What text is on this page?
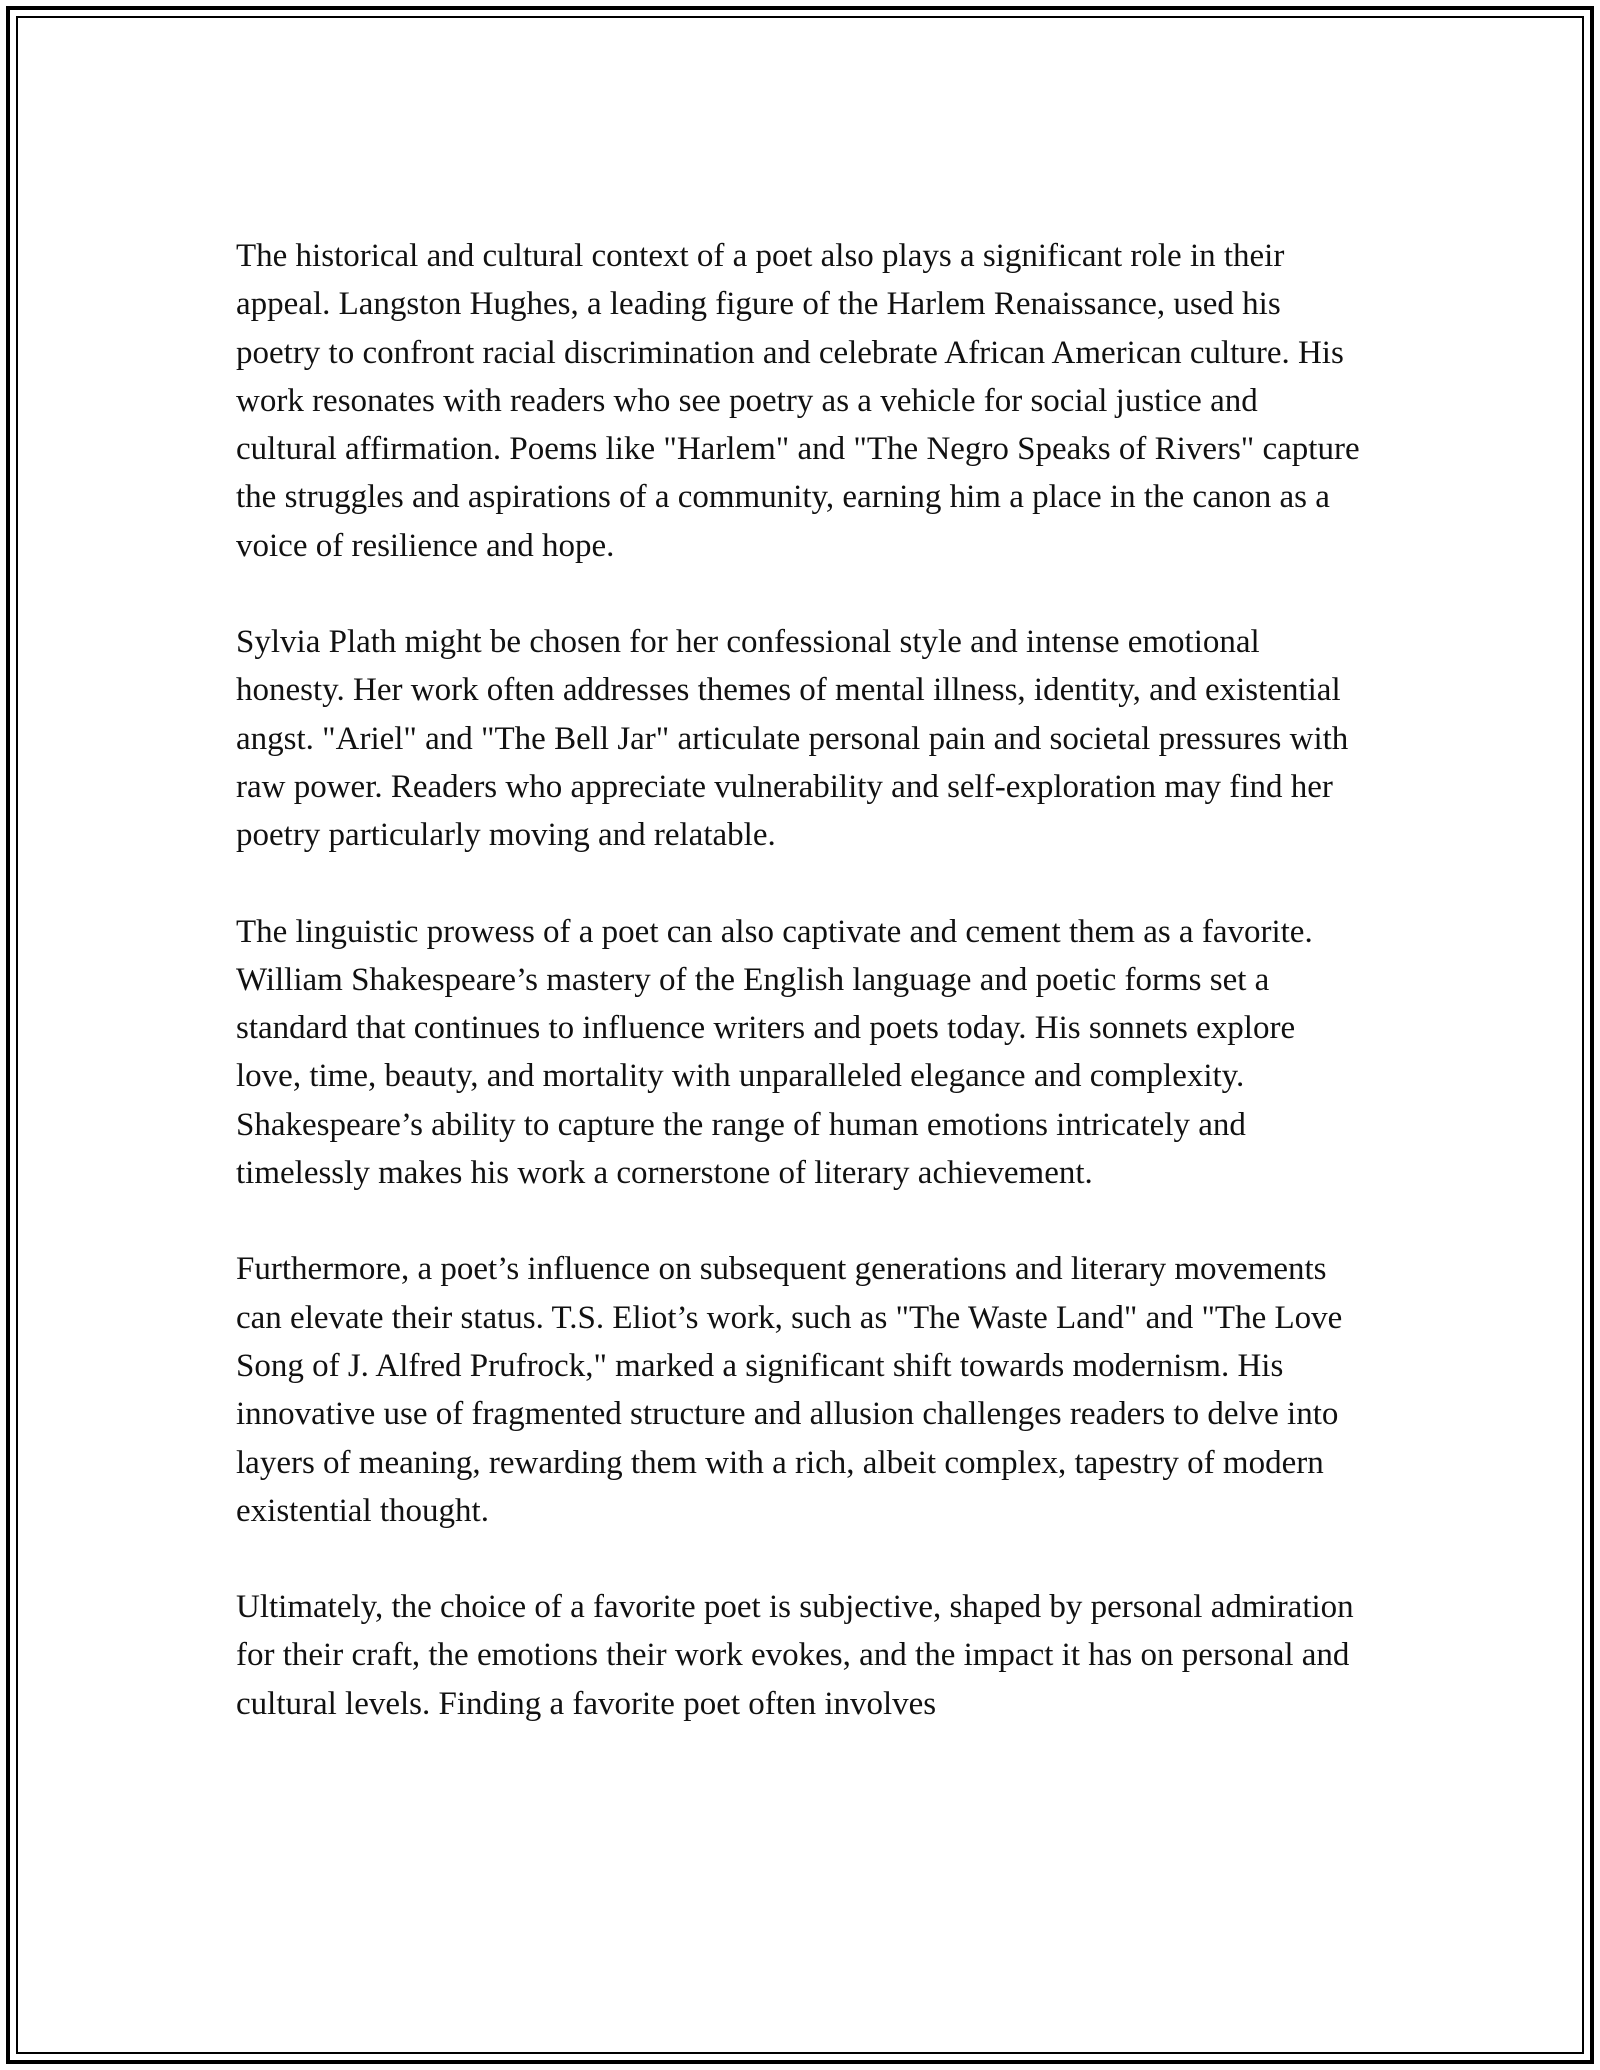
The historical and cultural context of a poet also plays a significant role in their appeal. Langston Hughes, a leading figure of the Harlem Renaissance, used his poetry to confront racial discrimination and celebrate African American culture. His work resonates with readers who see poetry as a vehicle for social justice and cultural affirmation. Poems like "Harlem" and "The Negro Speaks of Rivers" capture the struggles and aspirations of a community, earning him a place in the canon as a voice of resilience and hope.

Sylvia Plath might be chosen for her confessional style and intense emotional honesty. Her work often addresses themes of mental illness, identity, and existential angst. "Ariel" and "The Bell Jar" articulate personal pain and societal pressures with raw power. Readers who appreciate vulnerability and self-exploration may find her poetry particularly moving and relatable.

The linguistic prowess of a poet can also captivate and cement them as a favorite. William Shakespeare’s mastery of the English language and poetic forms set a standard that continues to influence writers and poets today. His sonnets explore love, time, beauty, and mortality with unparalleled elegance and complexity. Shakespeare’s ability to capture the range of human emotions intricately and timelessly makes his work a cornerstone of literary achievement.

Furthermore, a poet’s influence on subsequent generations and literary movements can elevate their status. T.S. Eliot’s work, such as "The Waste Land" and "The Love Song of J. Alfred Prufrock," marked a significant shift towards modernism. His innovative use of fragmented structure and allusion challenges readers to delve into layers of meaning, rewarding them with a rich, albeit complex, tapestry of modern existential thought.

Ultimately, the choice of a favorite poet is subjective, shaped by personal admiration for their craft, the emotions their work evokes, and the impact it has on personal and cultural levels. Finding a favorite poet often involves
